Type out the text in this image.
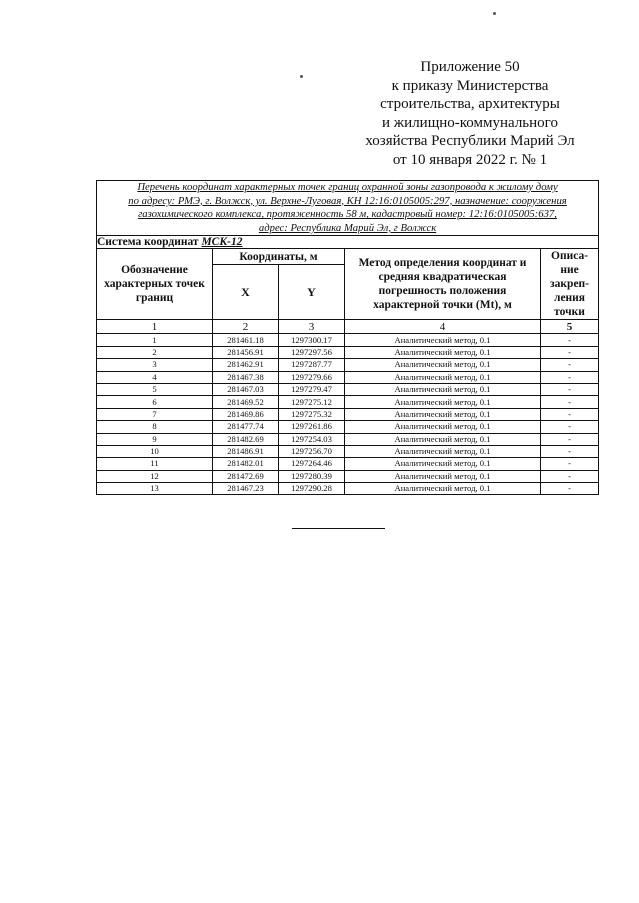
Приложение 50
к приказу Министерства
строительства, архитектуры
и жилищно-коммунального
хозяйства Республики Марий Эл
от 10 января 2022 г. № 1
Перечень координат характерных точек границ охранной зоны газопровода к жилому дому
по адресу: РМЭ, г. Волжск, ул. Верхне-Луговая, КН 12:16:0105005:297, назначение: сооружения
газохимического комплекса, протяженность 58 м, кадастровый номер: 12:16:0105005:637,
адрес: Республика Марий Эл, г Волжск				

Система координат МСК-12				
Обозначение характерных точек границ	Координаты, м		Метод определения координат и средняя квадратическая погрешность положения характерной точки (Mt), м	Описа-ние закреп-ления точки
	X	Y		
1	2	3	4	5
1	281461.18	1297300.17	Аналитический метод, 0.1	-
2	281456.91	1297297.56	Аналитический метод, 0.1	-
3	281462.91	1297287.77	Аналитический метод, 0.1	-
4	281467.38	1297279.66	Аналитический метод, 0.1	-
5	281467.03	1297279.47	Аналитический метод, 0.1	-
6	281469.52	1297275.12	Аналитический метод, 0.1	-
7	281469.86	1297275.32	Аналитический метод, 0.1	-
8	281477.74	1297261.86	Аналитический метод, 0.1	-
9	281482.69	1297254.03	Аналитический метод, 0.1	-
10	281486.91	1297256.70	Аналитический метод, 0.1	-
11	281482.01	1297264.46	Аналитический метод, 0.1	-
12	281472.69	1297280.39	Аналитический метод, 0.1	-
13	281467.23	1297290.28	Аналитический метод, 0.1	-
